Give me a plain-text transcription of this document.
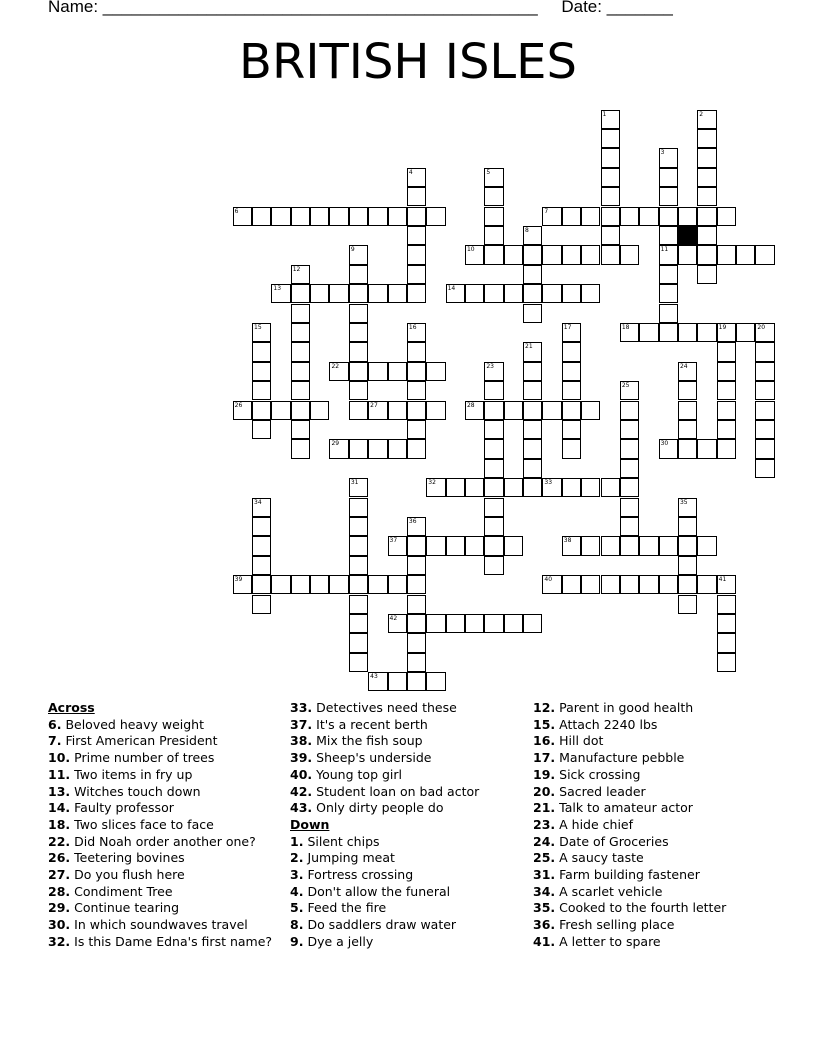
Name: ______________________________________________ Date: _______
BRITISH ISLES
6	7
10	11
13	14
18	19	20
22
26	27	28
29	30
32	33
37	38
39	40	41
42
43
1	2
3
4	5
8
9
12
15	16	17
21
23	24
25
31
34	35
36
Across
6. Beloved heavy weight
7. First American President
10. Prime number of trees
11. Two items in fry up
13. Witches touch down
14. Faulty professor
18. Two slices face to face
22. Did Noah order another one?
26. Teetering bovines
27. Do you flush here
28. Condiment Tree
29. Continue tearing
30. In which soundwaves travel
32. Is this Dame Edna's first name?
33. Detectives need these
37. It's a recent berth
38. Mix the fish soup
39. Sheep's underside
40. Young top girl
42. Student loan on bad actor
43. Only dirty people do
Down
1. Silent chips
2. Jumping meat
3. Fortress crossing
4. Don't allow the funeral
5. Feed the fire
8. Do saddlers draw water
9. Dye a jelly
12. Parent in good health
15. Attach 2240 lbs
16. Hill dot
17. Manufacture pebble
19. Sick crossing
20. Sacred leader
21. Talk to amateur actor
23. A hide chief
24. Date of Groceries
25. A saucy taste
31. Farm building fastener
34. A scarlet vehicle
35. Cooked to the fourth letter
36. Fresh selling place
41. A letter to spare
